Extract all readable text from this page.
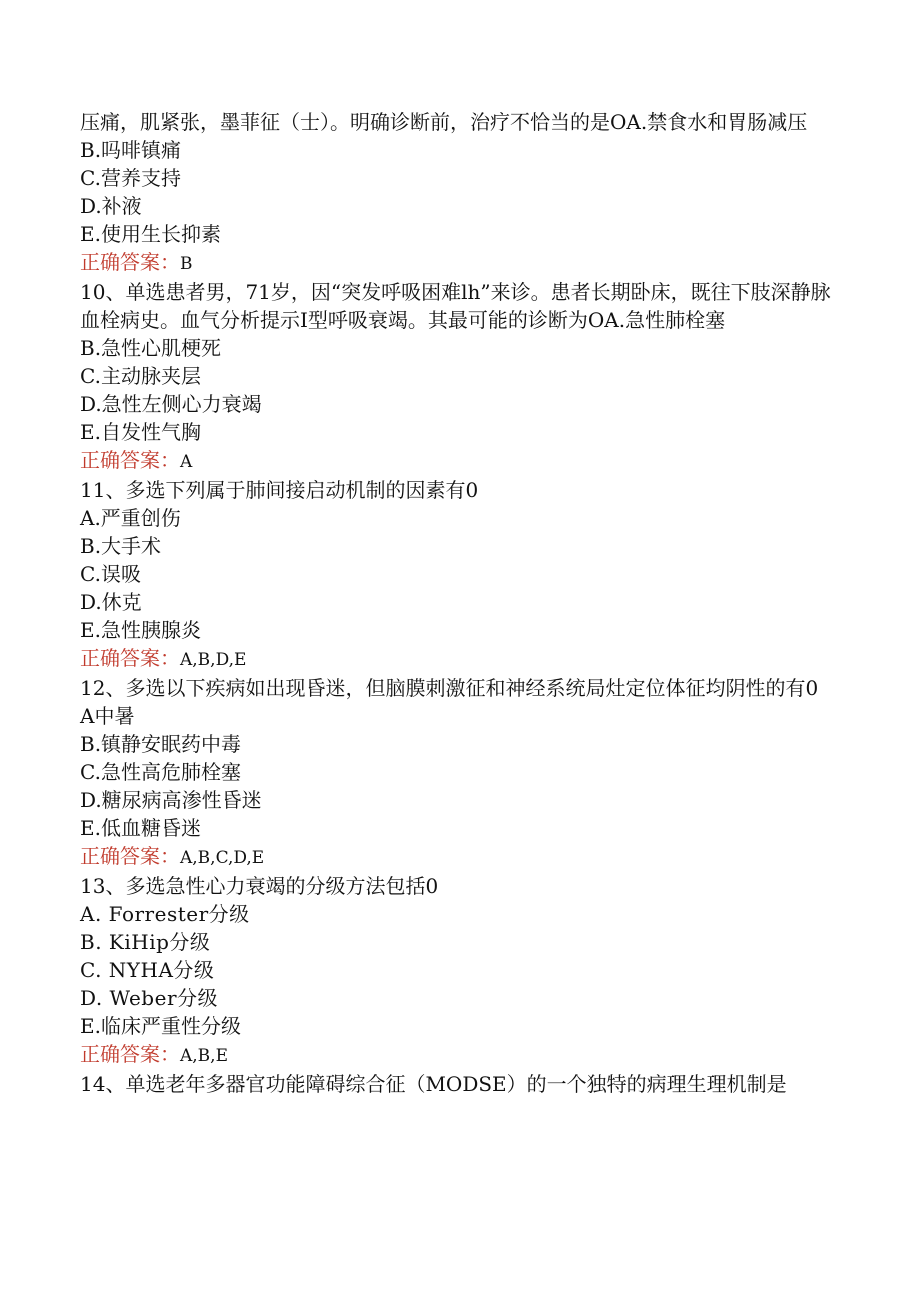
压痛，肌紧张，墨菲征（士）。明确诊断前，治疗不恰当的是OA.禁食水和胃肠减压
B.吗啡镇痛
C.营养支持
D.补液
E.使用生长抑素
正确答案：B
10、单选患者男，71岁，因“突发呼吸困难lh”来诊。患者长期卧床，既往下肢深静脉血栓病史。血气分析提示I型呼吸衰竭。其最可能的诊断为OA.急性肺栓塞
B.急性心肌梗死
C.主动脉夹层
D.急性左侧心力衰竭
E.自发性气胸
正确答案：A
11、多选下列属于肺间接启动机制的因素有0
A.严重创伤
B.大手术
C.误吸
D.休克
E.急性胰腺炎
正确答案：A,B,D,E
12、多选以下疾病如出现昏迷，但脑膜刺激征和神经系统局灶定位体征均阴性的有0
A中暑
B.镇静安眠药中毒
C.急性高危肺栓塞
D.糖尿病高渗性昏迷
E.低血糖昏迷
正确答案：A,B,C,D,E
13、多选急性心力衰竭的分级方法包括0
A. Forrester分级
B. KiHip分级
C. NYHA分级
D. Weber分级
E.临床严重性分级
正确答案：A,B,E
14、单选老年多器官功能障碍综合征（MODSE）的一个独特的病理生理机制是
